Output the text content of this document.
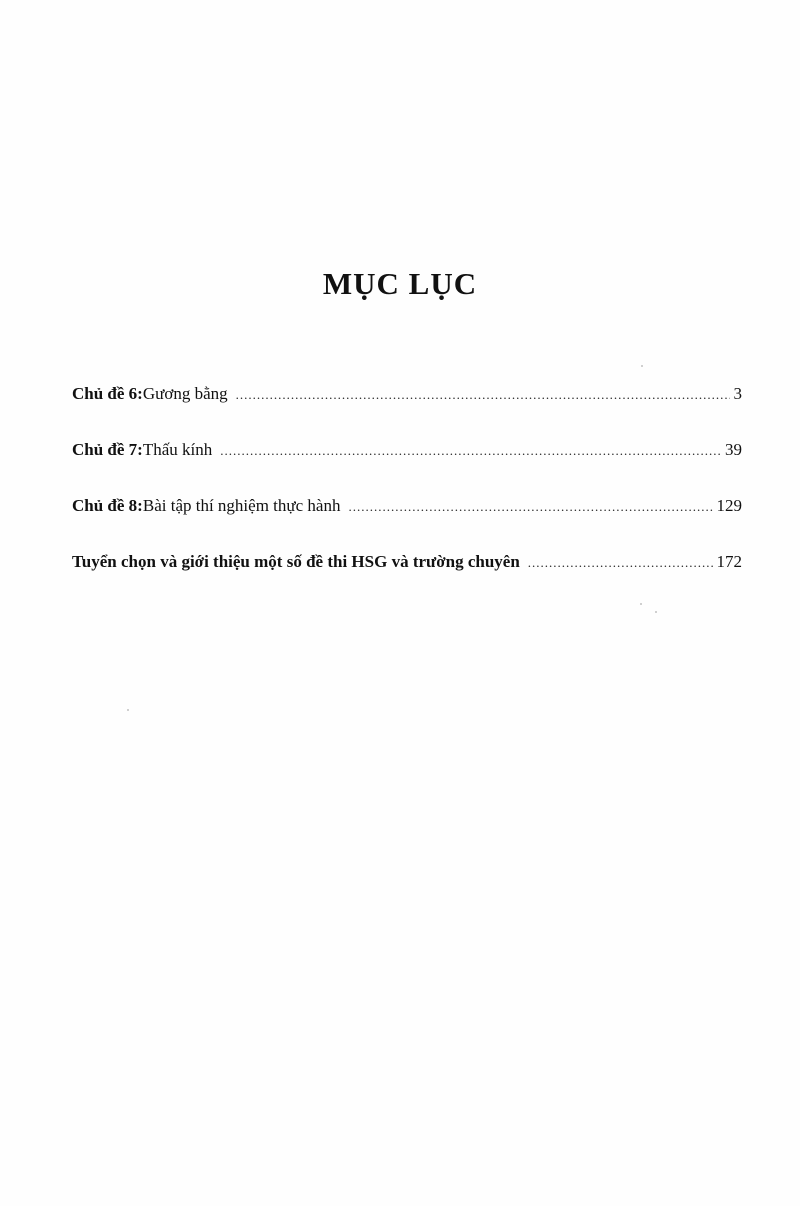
MỤC LỤC
Chủ đề 6: Gương bằng .....	3
Chủ đề 7: Thấu kính .....	39
Chủ đề 8: Bài tập thí nghiệm thực hành .....	129
Tuyển chọn và giới thiệu một số đề thi HSG và trường chuyên .....	172
